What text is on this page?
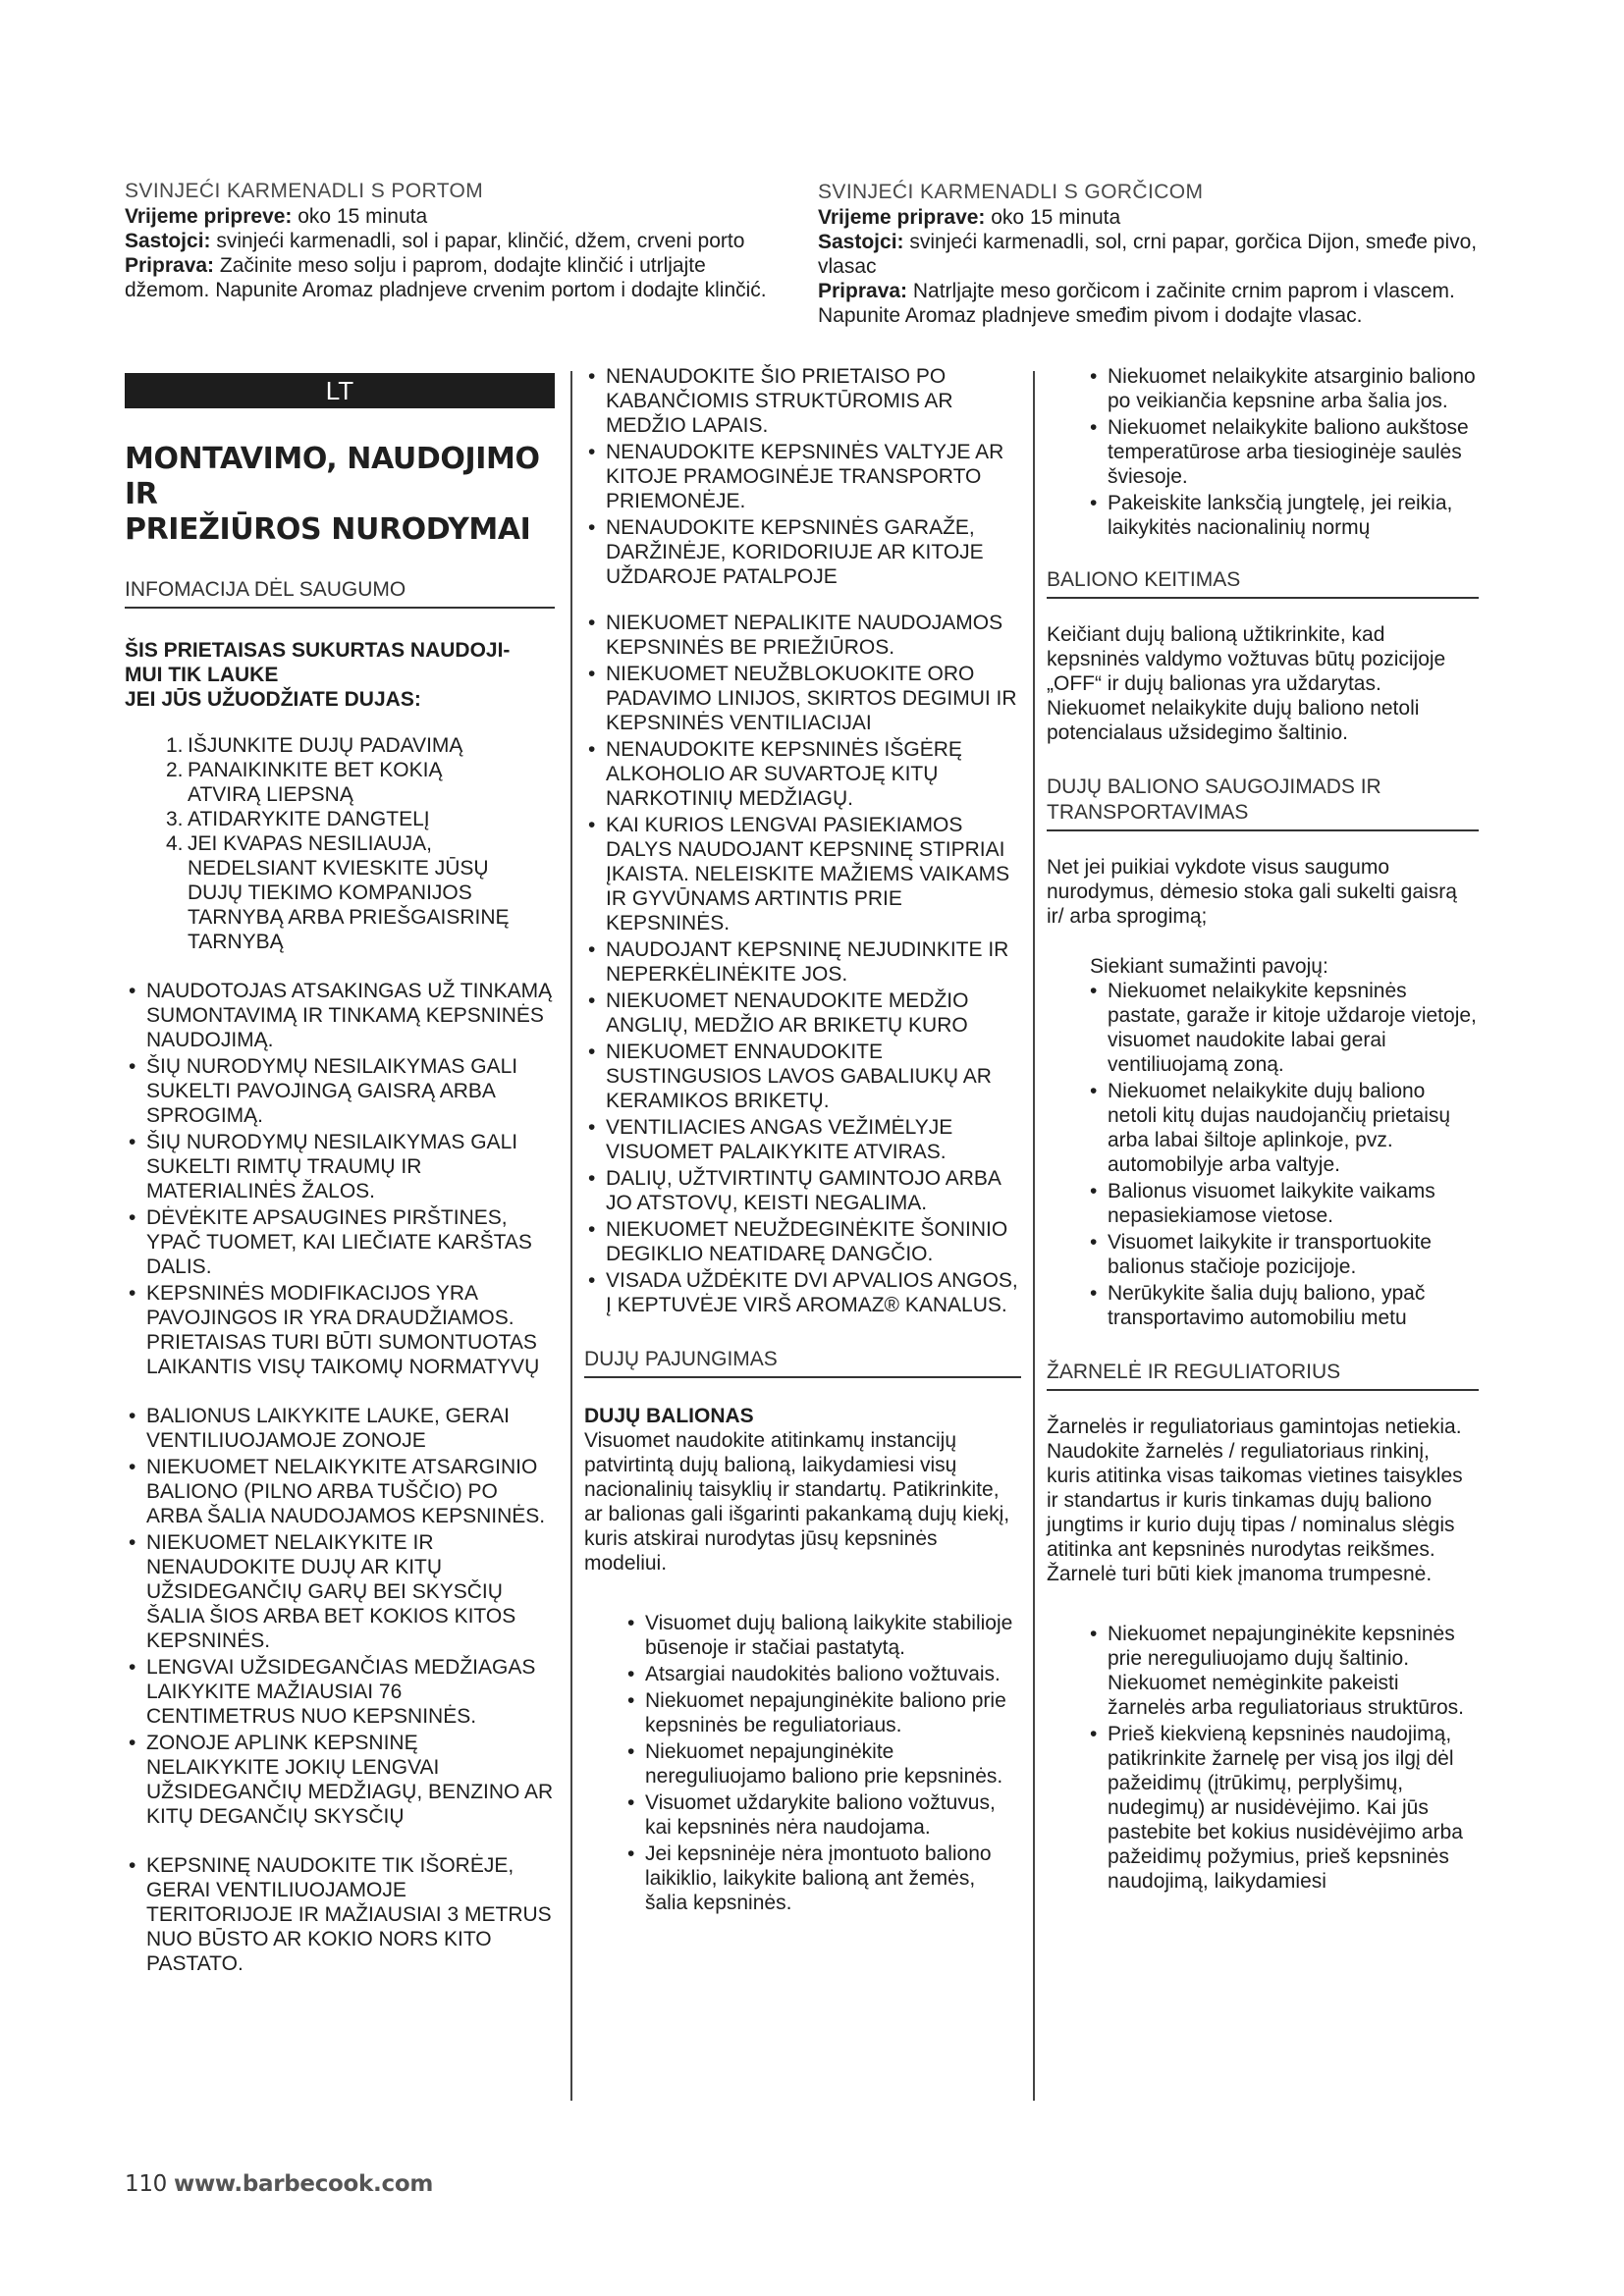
SVINJEĆI KARMENADLI S PORTOM
Vrijeme pripreve: oko 15 minuta
Sastojci: svinjeći karmenadli, sol i papar, klinčić, džem, crveni porto
Priprava: Začinite meso solju i paprom, dodajte klinčić i utrljajte džemom. Napunite Aromaz pladnjeve crvenim portom i dodajte klinčić.
SVINJEĆI KARMENADLI S GORČICOM
Vrijeme priprave: oko 15 minuta
Sastojci: svinjeći karmenadli, sol, crni papar, gorčica Dijon, smeđe pivo, vlasac
Priprava: Natrljajte meso gorčicom i začinite crnim paprom i vlascem. Napunite Aromaz pladnjeve smeđim pivom i dodajte vlasac.
LT
MONTAVIMO, NAUDOJIMO IR
PRIEŽIŪROS NURODYMAI
INFOMACIJA DĖL SAUGUMO
ŠIS PRIETAISAS SUKURTAS NAUDOJI-
MUI TIK LAUKE
JEI JŪS UŽUODŽIATE DUJAS:
1. IŠJUNKITE DUJŲ PADAVIMĄ
2. PANAIKINKITE BET KOKIĄ ATVIRĄ LIEPSNĄ
3. ATIDARYKITE DANGTELĮ
4. JEI KVAPAS NESILIAUJA, NEDELSIANT KVIESKITE JŪSŲ DUJŲ TIEKIMO KOMPANIJOS TARNYBĄ ARBA PRIEŠGAISRINĘ TARNYBĄ
• NAUDOTOJAS ATSAKINGAS UŽ TINKAMĄ SUMONTAVIMĄ IR TINKAMĄ KEPSNINĖS NAUDOJIMĄ.
• ŠIŲ NURODYMŲ NESILAIKYMAS GALI SUKELTI PAVOJINGĄ GAISRĄ ARBA SPROGIMĄ.
• ŠIŲ NURODYMŲ NESILAIKYMAS GALI SUKELTI RIMTŲ TRAUMŲ IR MATERIALINĖS ŽALOS.
• DĖVĖKITE APSAUGINES PIRŠTINES, YPAČ TUOMET, KAI LIEČIATE KARŠTAS DALIS.
• KEPSNINĖS MODIFIKACIJOS YRA PAVOJINGOS IR YRA DRAUDŽIAMOS. PRIETAISAS TURI BŪTI SUMONTUOTAS LAIKANTIS VISŲ TAIKOMŲ NORMATYVŲ
• BALIONUS LAIKYKITE LAUKE, GERAI VENTILIUOJAMOJE ZONOJE
• NIEKUOMET NELAIKYKITE ATSARGINIO BALIONO (PILNO ARBA TUŠČIO) PO ARBA ŠALIA NAUDOJAMOS KEPSNINĖS.
• NIEKUOMET NELAIKYKITE IR NENAUDOKITE DUJŲ AR KITŲ UŽSIDEGANČIŲ GARŲ BEI SKYSČIŲ ŠALIA ŠIOS ARBA BET KOKIOS KITOS KEPSNINĖS.
• LENGVAI UŽSIDEGANČIAS MEDŽIAGAS LAIKYKITE MAŽIAUSIAI 76 CENTIMETRUS NUO KEPSNINĖS.
• ZONOJE APLINK KEPSNINĘ NELAIKYKITE JOKIŲ LENGVAI UŽSIDEGANČIŲ MEDŽIAGŲ, BENZINO AR KITŲ DEGANČIŲ SKYSČIŲ
• KEPSNINĘ NAUDOKITE TIK IŠORĖJE, GERAI VENTILIUOJAMOJE TERITORIJOJE IR MAŽIAUSIAI 3 METRUS NUO BŪSTO AR KOKIO NORS KITO PASTATO.
• NENAUDOKITE ŠIO PRIETAISO PO KABANČIOMIS STRUKTŪROMIS AR MEDŽIO LAPAIS.
• NENAUDOKITE KEPSNINĖS VALTYJE AR KITOJE PRAMOGINĖJE TRANSPORTO PRIEMONĖJE.
• NENAUDOKITE KEPSNINĖS GARAŽE, DARŽINĖJE, KORIDORIUJE AR KITOJE UŽDAROJE PATALPOJE
• NIEKUOMET NEPALIKITE NAUDOJAMOS KEPSNINĖS BE PRIEŽIŪROS.
• NIEKUOMET NEUŽBLOKUOKITE ORO PADAVIMO LINIJOS, SKIRTOS DEGIMUI IR KEPSNINĖS VENTILIACIJAI
• NENAUDOKITE KEPSNINĖS IŠGĖRĘ ALKOHOLIO AR SUVARTOJĘ KITŲ NARKOTINIŲ MEDŽIAGŲ.
• KAI KURIOS LENGVAI PASIEKIAMOS DALYS NAUDOJANT KEPSNINĘ STIPRIAI ĮKAISTA. NELEISKITE MAŽIEMS VAIKAMS IR GYVŪNAMS ARTINTIS PRIE KEPSNINĖS.
• NAUDOJANT KEPSNINĘ NEJUDINKITE IR NEPERKĖLINĖKITE JOS.
• NIEKUOMET NENAUDOKITE MEDŽIO ANGLIŲ, MEDŽIO AR BRIKETŲ KURO
• NIEKUOMET ENNAUDOKITE SUSTINGUSIOS LAVOS GABALIUKŲ AR KERAMIKOS BRIKETŲ.
• VENTILIACIES ANGAS VEŽIMĖLYJE VISUOMET PALAIKYKITE ATVIRAS.
• DALIŲ, UŽTVIRTINTŲ GAMINTOJO ARBA JO ATSTOVŲ, KEISTI NEGALIMA.
• NIEKUOMET NEUŽDEGINĖKITE ŠONINIO DEGIKLIO NEATIDARĘ DANGČIO.
• VISADA UŽDĖKITE DVI APVALIOS ANGOS, Į KEPTUVĖJE VIRŠ AROMAZ® KANALUS.
DUJŲ PAJUNGIMAS
DUJŲ BALIONAS
Visuomet naudokite atitinkamų instancijų patvirtintą dujų balioną, laikydamiesi visų nacionalinių taisyklių ir standartų. Patikrinkite, ar balionas gali išgarinti pakankamą dujų kiekį, kuris atskirai nurodytas jūsų kepsninės modeliui.
• Visuomet dujų balioną laikykite stabilioje būsenoje ir stačiai pastatytą.
• Atsargiai naudokitės baliono vožtuvais.
• Niekuomet nepajunginėkite baliono prie kepsninės be reguliatoriaus.
• Niekuomet nepajunginėkite nereguliuojamo baliono prie kepsninės.
• Visuomet uždarykite baliono vožtuvus, kai kepsninės nėra naudojama.
• Jei kepsninėje nėra įmontuoto baliono laikiklio, laikykite balioną ant žemės, šalia kepsninės.
• Niekuomet nelaikykite atsarginio baliono po veikiančia kepsnine arba šalia jos.
• Niekuomet nelaikykite baliono aukštose temperatūrose arba tiesioginėje saulės šviesoje.
• Pakeiskite lanksčią jungtelę, jei reikia, laikykitės nacionalinių normų
BALIONO KEITIMAS
Keičiant dujų balioną užtikrinkite, kad kepsninės valdymo vožtuvas būtų pozicijoje „OFF“ ir dujų balionas yra uždarytas. Niekuomet nelaikykite dujų baliono netoli potencialaus užsidegimo šaltinio.
DUJŲ BALIONO SAUGOJIMADS IR
TRANSPORTAVIMAS
Net jei puikiai vykdote visus saugumo nurodymus, dėmesio stoka gali sukelti gaisrą ir/ arba sprogimą;
Siekiant sumažinti pavojų:
• Niekuomet nelaikykite kepsninės pastate, garaže ir kitoje uždaroje vietoje, visuomet naudokite labai gerai ventiliuojamą zoną.
• Niekuomet nelaikykite dujų baliono netoli kitų dujas naudojančių prietaisų arba labai šiltoje aplinkoje, pvz. automobilyje arba valtyje.
• Balionus visuomet laikykite vaikams nepasiekiamose vietose.
• Visuomet laikykite ir transportuokite balionus stačioje pozicijoje.
• Nerūkykite šalia dujų baliono, ypač transportavimo automobiliu metu
ŽARNELĖ IR REGULIATORIUS
Žarnelės ir reguliatoriaus gamintojas netiekia. Naudokite žarnelės / reguliatoriaus rinkinį, kuris atitinka visas taikomas vietines taisykles ir standartus ir kuris tinkamas dujų baliono jungtims ir kurio dujų tipas / nominalus slėgis atitinka ant kepsninės nurodytas reikšmes. Žarnelė turi būti kiek įmanoma trumpesnė.
• Niekuomet nepajunginėkite kepsninės prie nereguliuojamo dujų šaltinio. Niekuomet nemėginkite pakeisti žarnelės arba reguliatoriaus struktūros.
• Prieš kiekvieną kepsninės naudojimą, patikrinkite žarnelę per visą jos ilgį dėl pažeidimų (įtrūkimų, perplyšimų, nudegimų) ar nusidėvėjimo. Kai jūs pastebite bet kokius nusidėvėjimo arba pažeidimų požymius, prieš kepsninės naudojimą, laikydamiesi
110 www.barbecook.com
